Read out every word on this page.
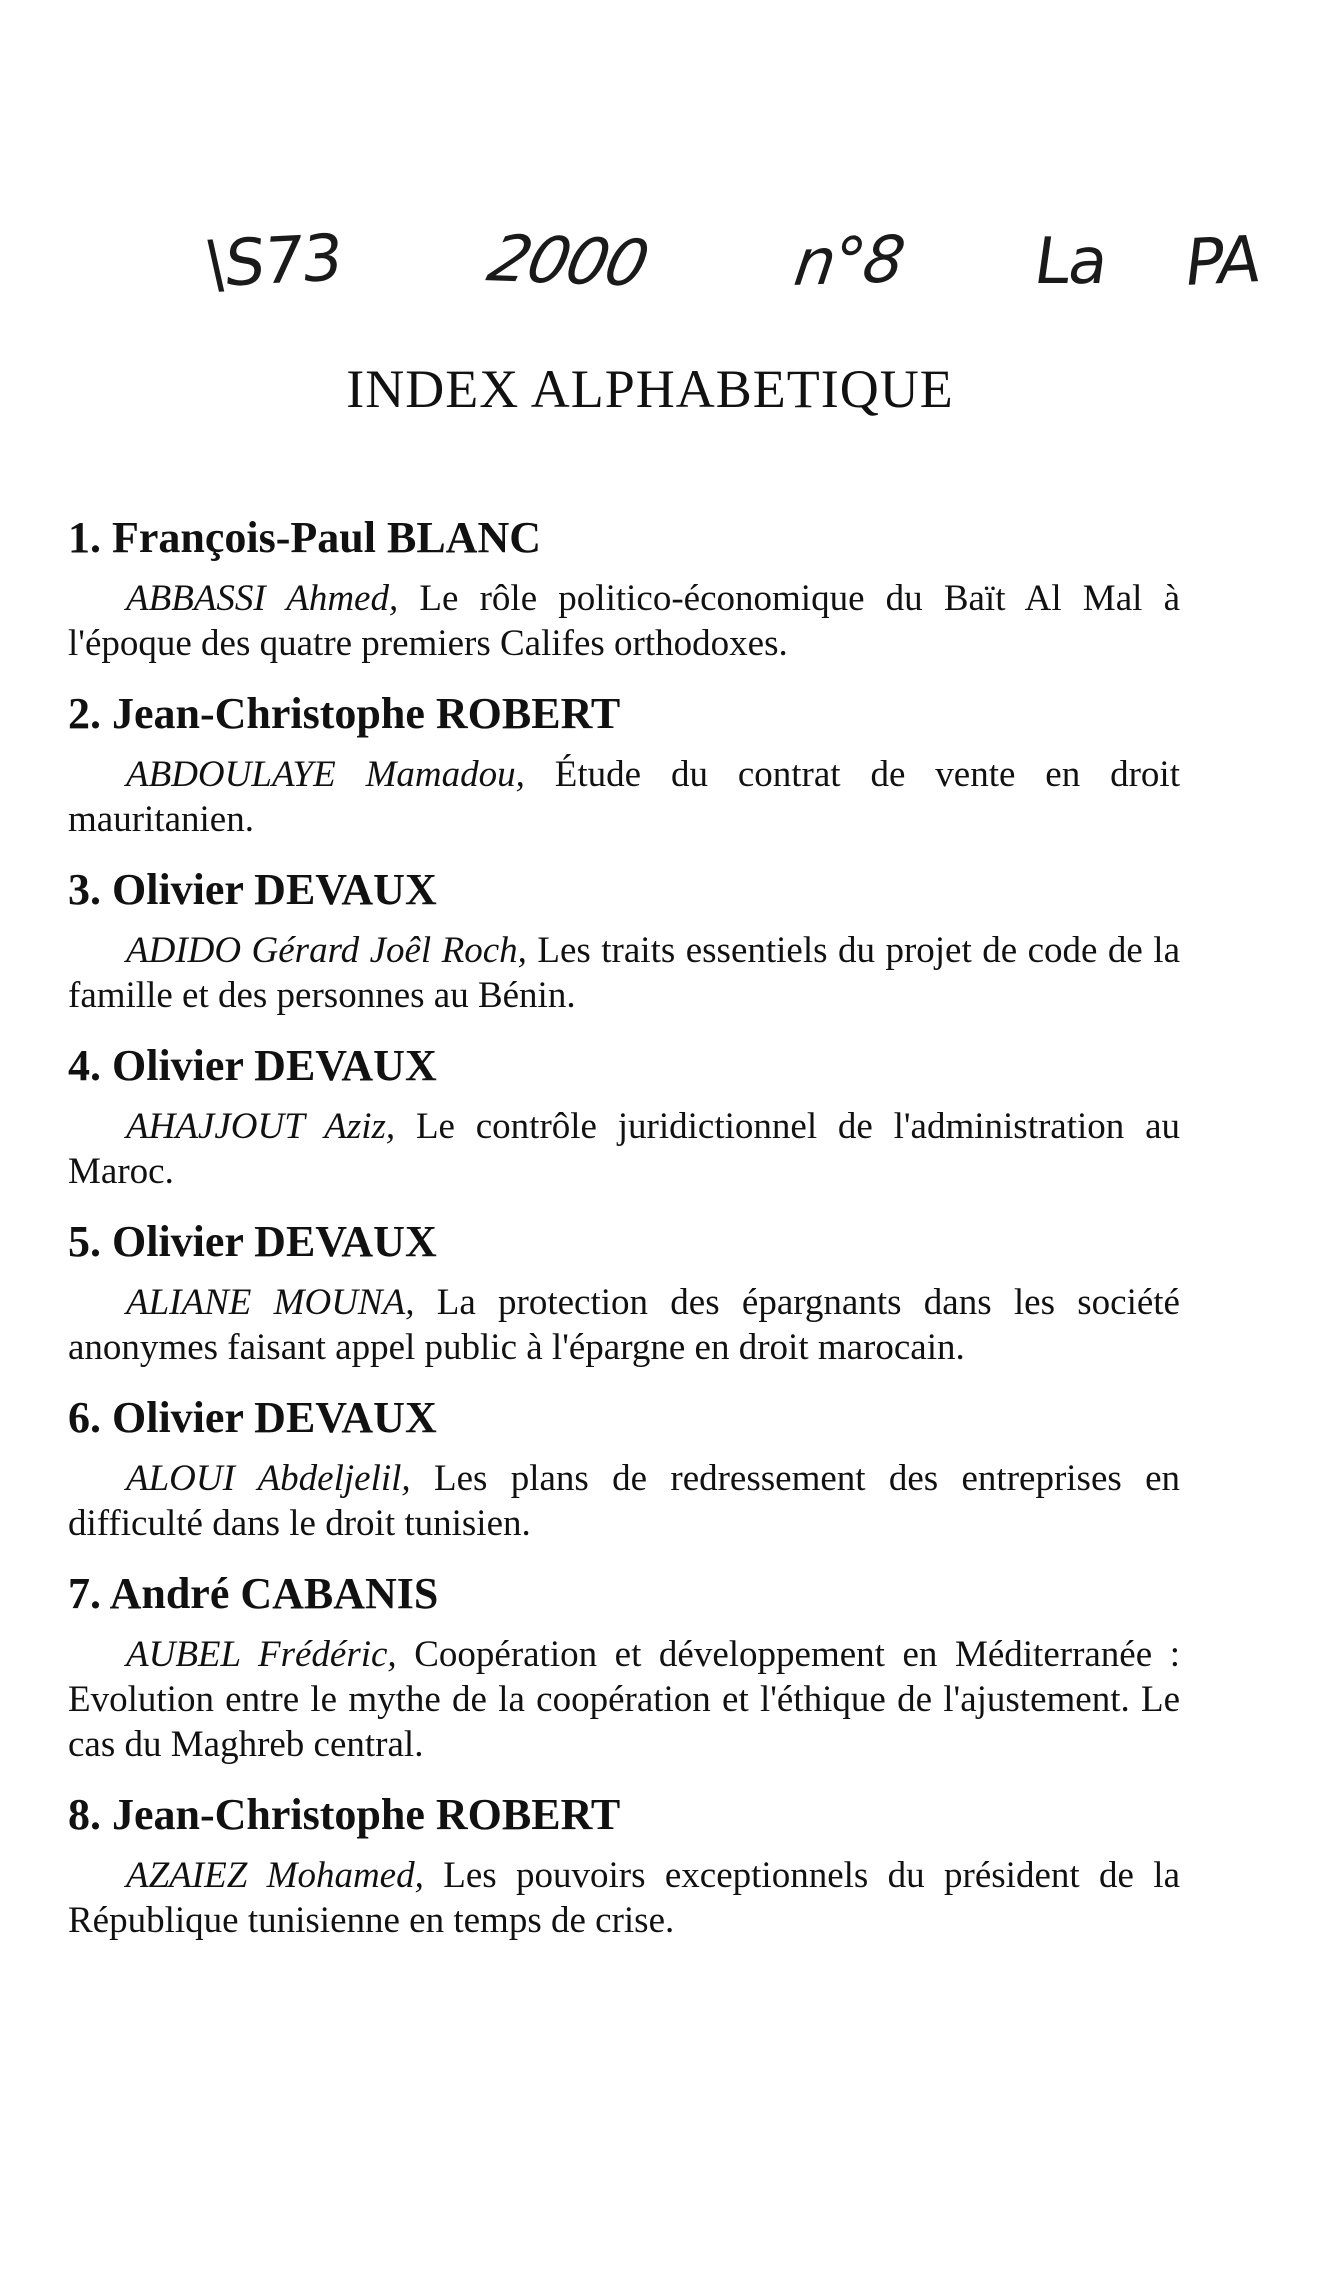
\S73 2000 n°8 La PA
INDEX ALPHABETIQUE
1. François-Paul BLANC

ABBASSI Ahmed, Le rôle politico-économique du Baït Al Mal à l'époque des quatre premiers Califes orthodoxes.

2. Jean-Christophe ROBERT

ABDOULAYE Mamadou, Étude du contrat de vente en droit mauritanien.

3. Olivier DEVAUX

ADIDO Gérard Joêl Roch, Les traits essentiels du projet de code de la famille et des personnes au Bénin.

4. Olivier DEVAUX

AHAJJOUT Aziz, Le contrôle juridictionnel de l'administration au Maroc.

5. Olivier DEVAUX

ALIANE MOUNA, La protection des épargnants dans les société anonymes faisant appel public à l'épargne en droit marocain.

6. Olivier DEVAUX

ALOUI Abdeljelil, Les plans de redressement des entreprises en difficulté dans le droit tunisien.

7. André CABANIS

AUBEL Frédéric, Coopération et développement en Méditerranée : Evolution entre le mythe de la coopération et l'éthique de l'ajustement. Le cas du Maghreb central.

8. Jean-Christophe ROBERT

AZAIEZ Mohamed, Les pouvoirs exceptionnels du président de la République tunisienne en temps de crise.
